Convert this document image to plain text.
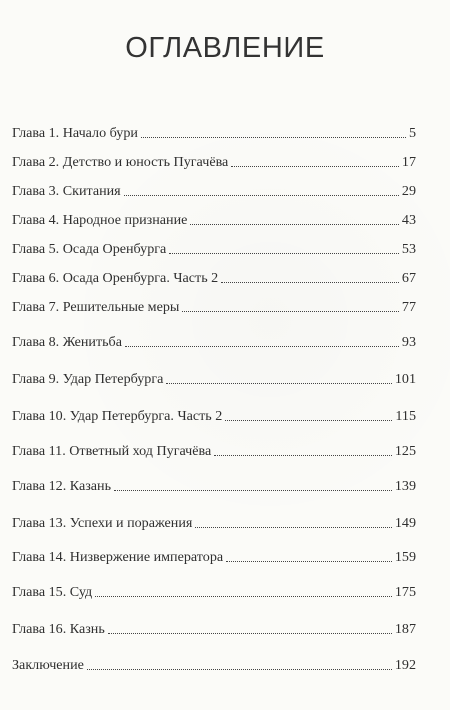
ОГЛАВЛЕНИЕ
Глава 1. Начало бури	5
Глава 2. Детство и юность Пугачёва	17
Глава 3. Скитания	29
Глава 4. Народное признание	43
Глава 5. Осада Оренбурга	53
Глава 6. Осада Оренбурга. Часть 2	67
Глава 7. Решительные меры	77
Глава 8. Женитьба	93
Глава 9. Удар Петербурга	101
Глава 10. Удар Петербурга. Часть 2	115
Глава 11. Ответный ход Пугачёва	125
Глава 12. Казань	139
Глава 13. Успехи и поражения	149
Глава 14. Низвержение императора	159
Глава 15. Суд	175
Глава 16. Казнь	187
Заключение	192
